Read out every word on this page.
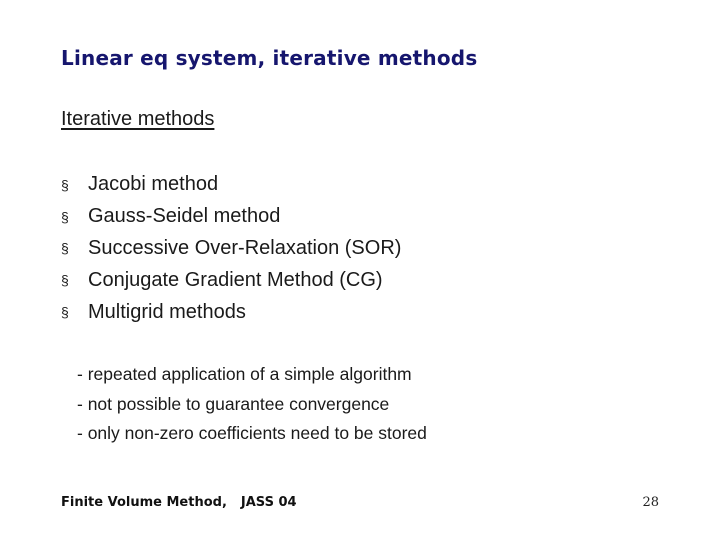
Linear eq system, iterative methods
Iterative methods
§ Jacobi method
§ Gauss-Seidel method
§ Successive Over-Relaxation (SOR)
§ Conjugate Gradient Method (CG)
§ Multigrid methods
- repeated application of a simple algorithm
- not possible to guarantee convergence
- only non-zero coefficients need to be stored
Finite Volume Method, JASS 04	28
